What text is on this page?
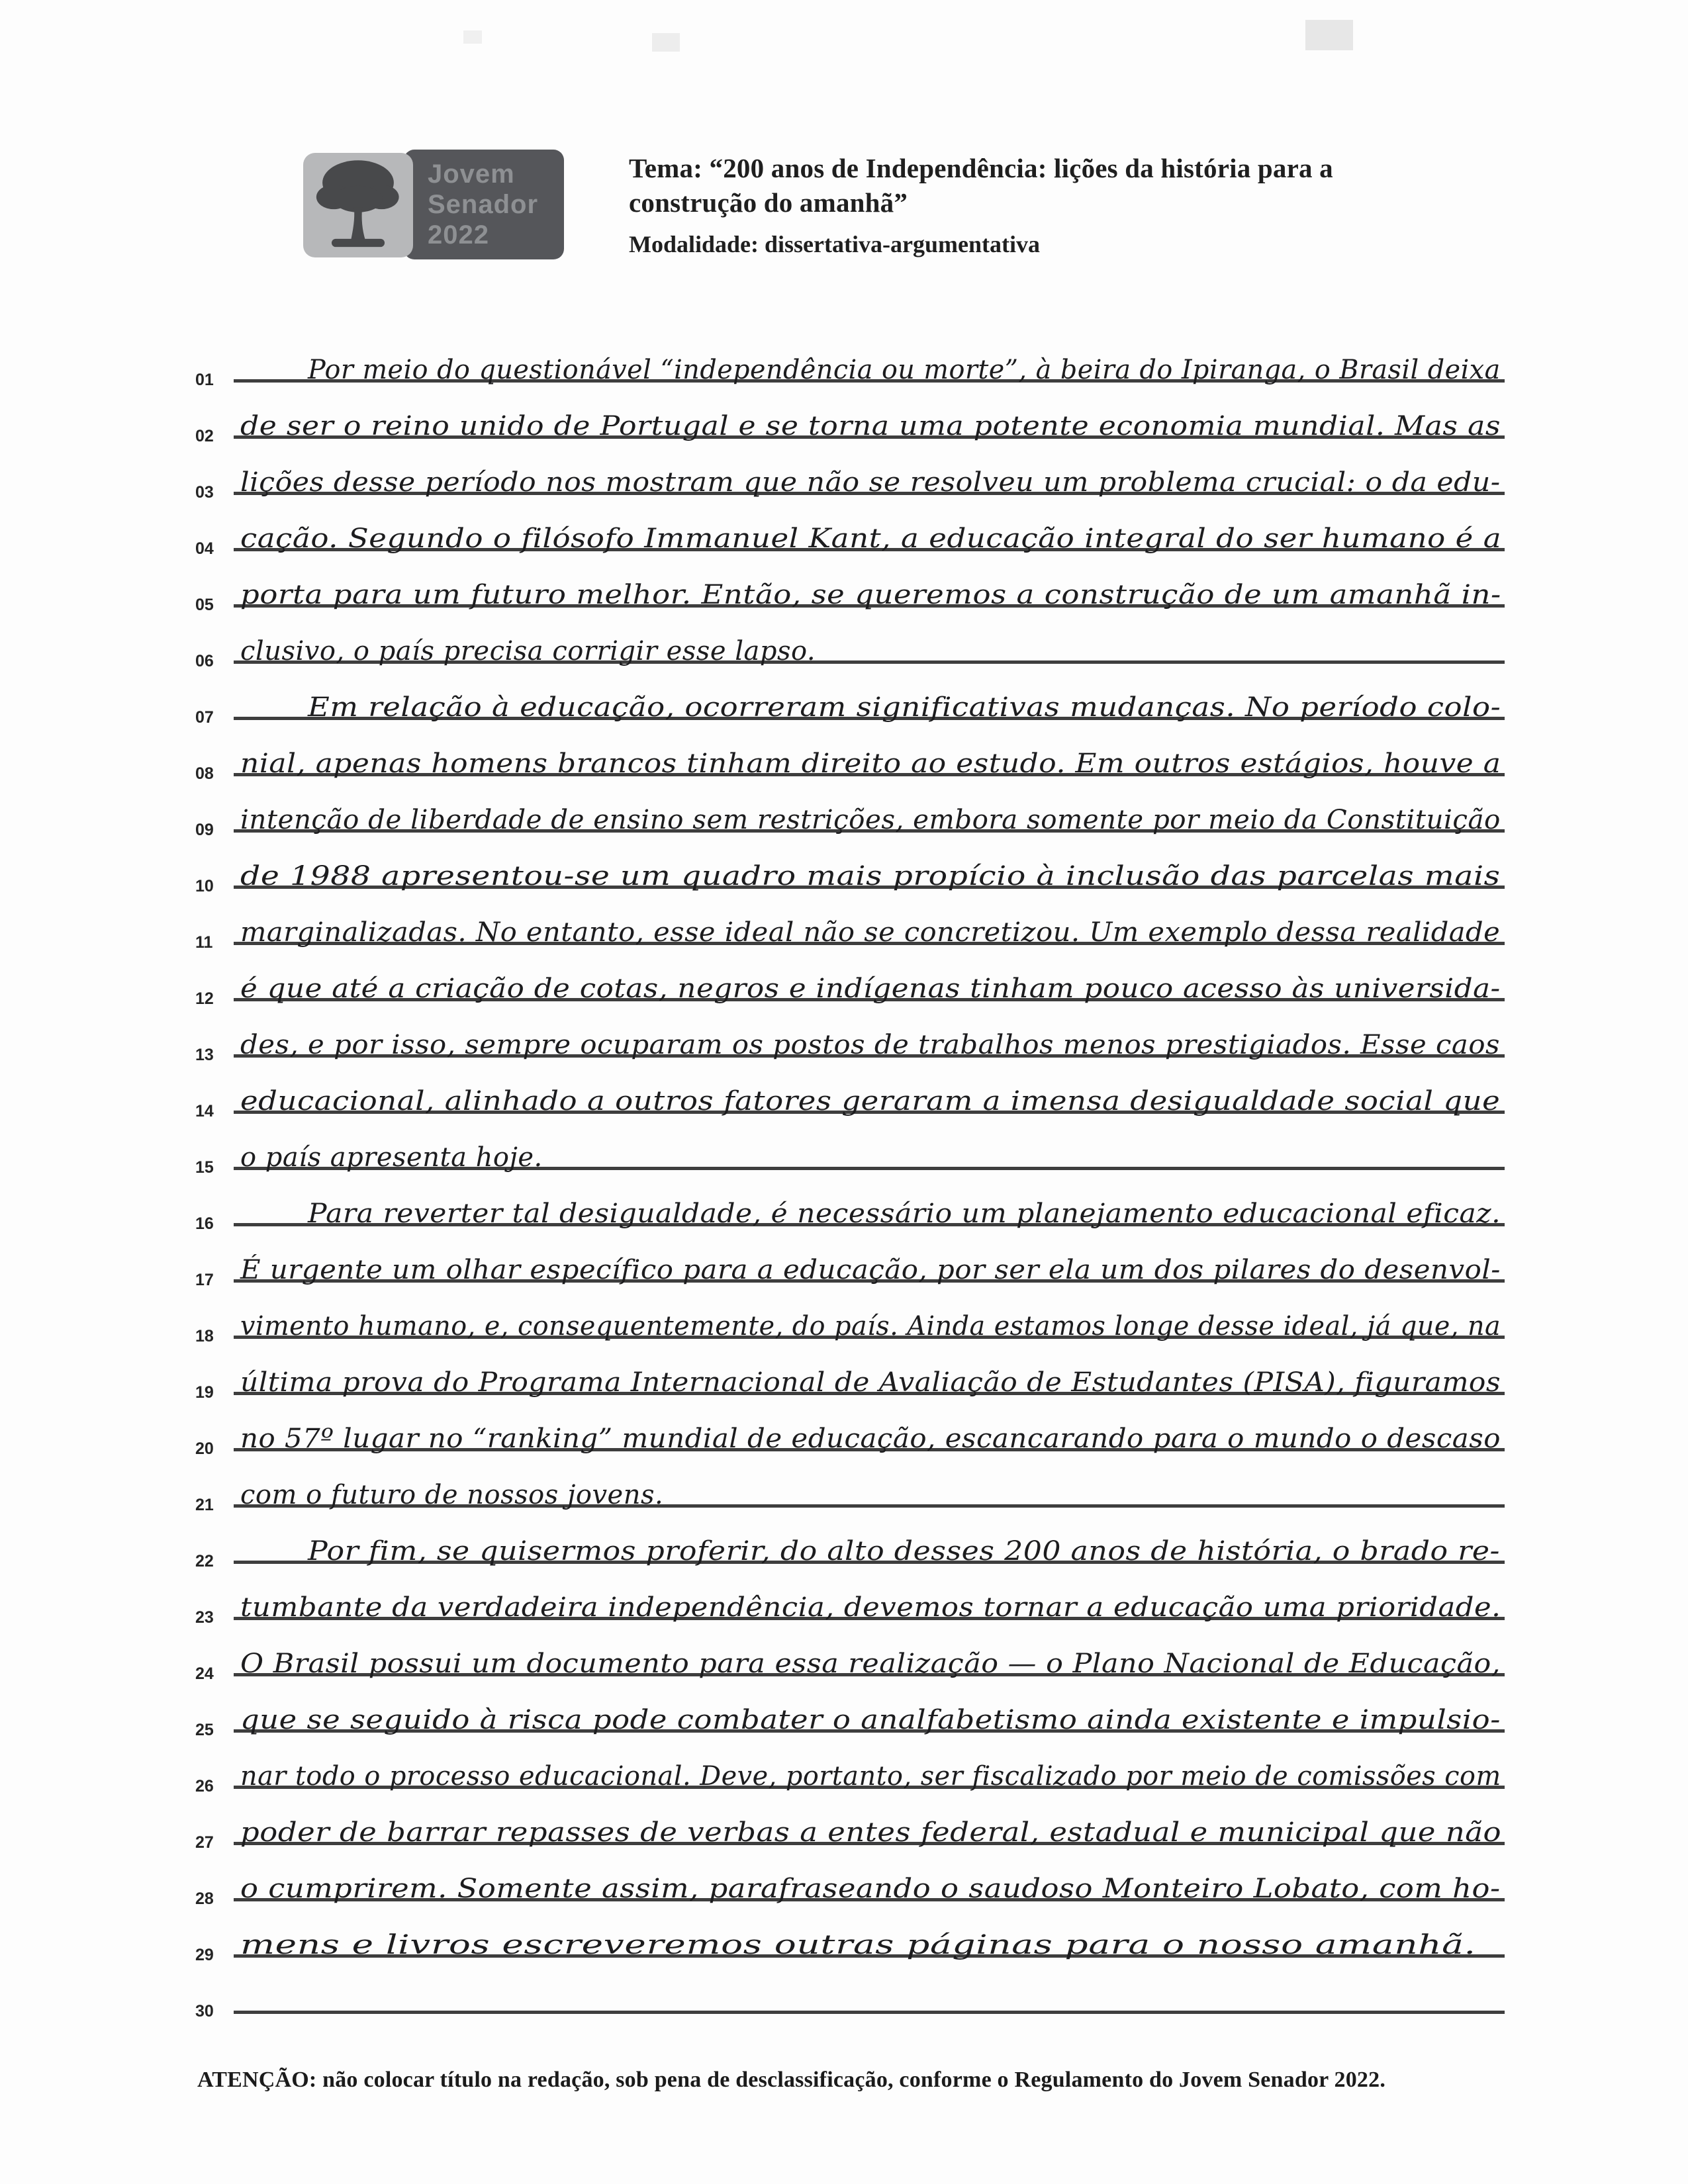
Jovem
Senador
2022
Tema: “200 anos de Independência: lições da história para a construção do amanhã”
Modalidade: dissertativa-argumentativa
01	Por meio do questionável “independência ou morte”, à beira do Ipiranga, o Brasil deixa
02	de ser o reino unido de Portugal e se torna uma potente economia mundial. Mas as
03	lições desse período nos mostram que não se resolveu um problema crucial: o da edu-
04	cação. Segundo o filósofo Immanuel Kant, a educação integral do ser humano é a
05	porta para um futuro melhor. Então, se queremos a construção de um amanhã in-
06	clusivo, o país precisa corrigir esse lapso.
07	Em relação à educação, ocorreram significativas mudanças. No período colo-
08	nial, apenas homens brancos tinham direito ao estudo. Em outros estágios, houve a
09	intenção de liberdade de ensino sem restrições, embora somente por meio da Constituição
10	de 1988 apresentou-se um quadro mais propício à inclusão das parcelas mais
11	marginalizadas. No entanto, esse ideal não se concretizou. Um exemplo dessa realidade
12	é que até a criação de cotas, negros e indígenas tinham pouco acesso às universida-
13	des, e por isso, sempre ocuparam os postos de trabalhos menos prestigiados. Esse caos
14	educacional, alinhado a outros fatores geraram a imensa desigualdade social que
15	o país apresenta hoje.
16	Para reverter tal desigualdade, é necessário um planejamento educacional eficaz.
17	É urgente um olhar específico para a educação, por ser ela um dos pilares do desenvol-
18	vimento humano, e, consequentemente, do país. Ainda estamos longe desse ideal, já que, na
19	última prova do Programa Internacional de Avaliação de Estudantes (PISA), figuramos
20	no 57º lugar no “ranking” mundial de educação, escancarando para o mundo o descaso
21	com o futuro de nossos jovens.
22	Por fim, se quisermos proferir, do alto desses 200 anos de história, o brado re-
23	tumbante da verdadeira independência, devemos tornar a educação uma prioridade.
24	O Brasil possui um documento para essa realização — o Plano Nacional de Educação,
25	que se seguido à risca pode combater o analfabetismo ainda existente e impulsio-
26	nar todo o processo educacional. Deve, portanto, ser fiscalizado por meio de comissões com
27	poder de barrar repasses de verbas a entes federal, estadual e municipal que não
28	o cumprirem. Somente assim, parafraseando o saudoso Monteiro Lobato, com ho-
29	mens e livros escreveremos outras páginas para o nosso amanhã.
30
ATENÇÃO: não colocar título na redação, sob pena de desclassificação, conforme o Regulamento do Jovem Senador 2022.
